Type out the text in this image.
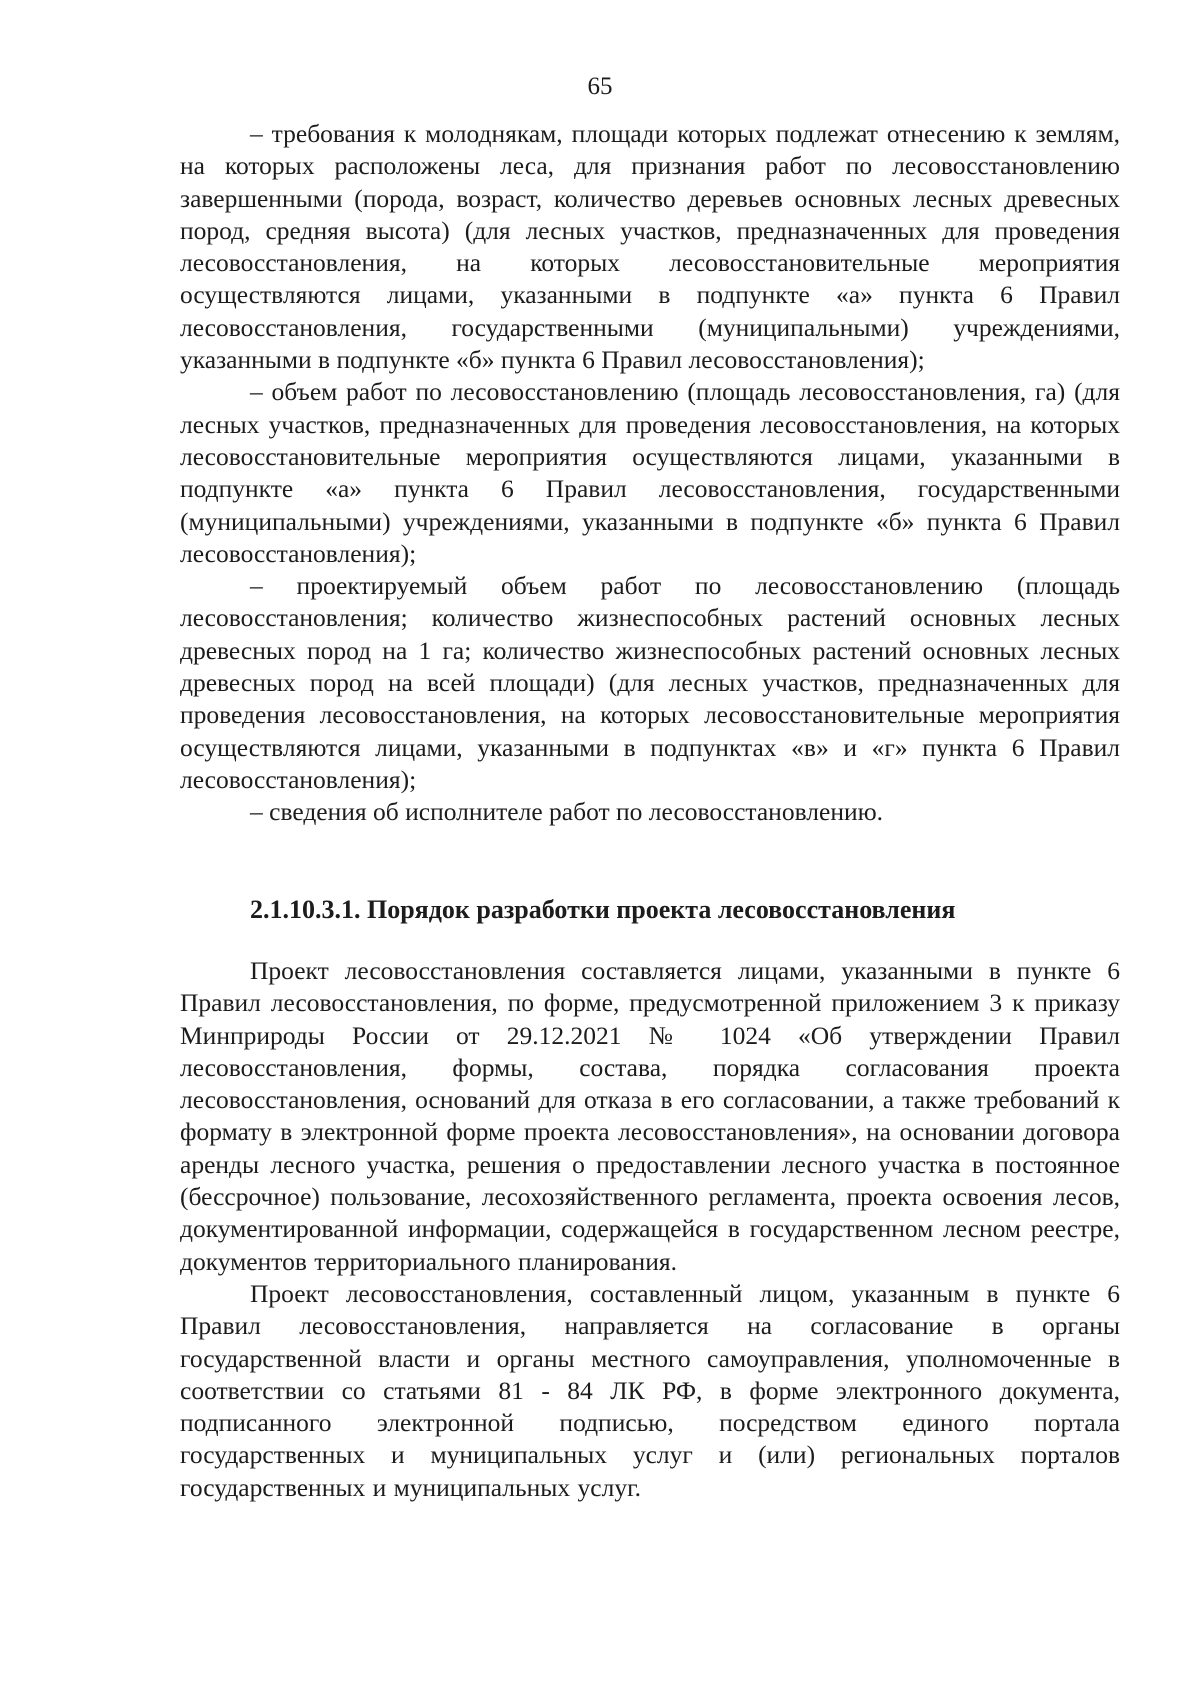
65

– требования к молоднякам, площади которых подлежат отнесению к землям, на которых расположены леса, для признания работ по лесовосстановлению завершенными (порода, возраст, количество деревьев основных лесных древесных пород, средняя высота) (для лесных участков, предназначенных для проведения лесовосстановления, на которых лесовосстановительные мероприятия осуществляются лицами, указанными в подпункте «а» пункта 6 Правил лесовосстановления, государственными (муниципальными) учреждениями, указанными в подпункте «б» пункта 6 Правил лесовосстановления);

– объем работ по лесовосстановлению (площадь лесовосстановления, га) (для лесных участков, предназначенных для проведения лесовосстановления, на которых лесовосстановительные мероприятия осуществляются лицами, указанными в подпункте «а» пункта 6 Правил лесовосстановления, государственными (муниципальными) учреждениями, указанными в подпункте «б» пункта 6 Правил лесовосстановления);

– проектируемый объем работ по лесовосстановлению (площадь лесовосстановления; количество жизнеспособных растений основных лесных древесных пород на 1 га; количество жизнеспособных растений основных лесных древесных пород на всей площади) (для лесных участков, предназначенных для проведения лесовосстановления, на которых лесовосстановительные мероприятия осуществляются лицами, указанными в подпунктах «в» и «г» пункта 6 Правил лесовосстановления);

– сведения об исполнителе работ по лесовосстановлению.

2.1.10.3.1. Порядок разработки проекта лесовосстановления

Проект лесовосстановления составляется лицами, указанными в пункте 6 Правил лесовосстановления, по форме, предусмотренной приложением 3 к приказу Минприроды России от 29.12.2021 № 1024 «Об утверждении Правил лесовосстановления, формы, состава, порядка согласования проекта лесовосстановления, оснований для отказа в его согласовании, а также требований к формату в электронной форме проекта лесовосстановления», на основании договора аренды лесного участка, решения о предоставлении лесного участка в постоянное (бессрочное) пользование, лесохозяйственного регламента, проекта освоения лесов, документированной информации, содержащейся в государственном лесном реестре, документов территориального планирования.

Проект лесовосстановления, составленный лицом, указанным в пункте 6 Правил лесовосстановления, направляется на согласование в органы государственной власти и органы местного самоуправления, уполномоченные в соответствии со статьями 81 - 84 ЛК РФ, в форме электронного документа, подписанного электронной подписью, посредством единого портала государственных и муниципальных услуг и (или) региональных порталов государственных и муниципальных услуг.
